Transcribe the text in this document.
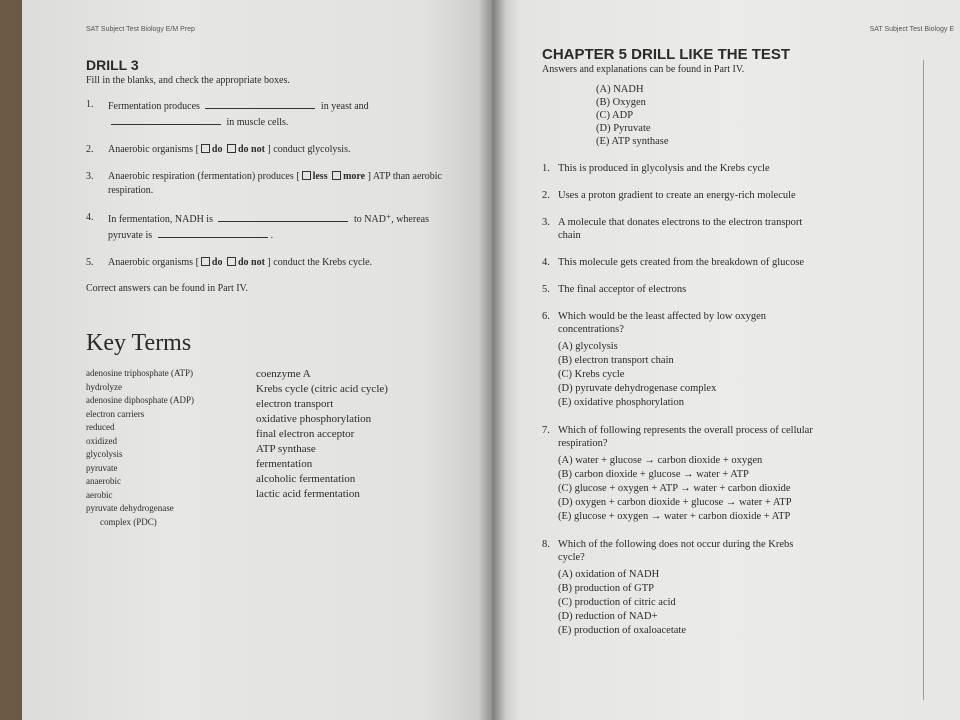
SAT Subject Test Biology E/M Prep
DRILL 3
Fill in the blanks, and check the appropriate boxes.
1.	Fermentation produces	in yeast and
in muscle cells.
2.	Anaerobic organisms [ do do not ] conduct glycolysis.
3.	Anaerobic respiration (fermentation) produces [ less more ] ATP than aerobic respiration.
4.	In fermentation, NADH is	to NAD⁺, whereas
pyruvate is	.
5.	Anaerobic organisms [ do do not ] conduct the Krebs cycle.
Correct answers can be found in Part IV.
Key Terms
adenosine triphosphate (ATP)
hydrolyze
adenosine diphosphate (ADP)
electron carriers
reduced
oxidized
glycolysis
pyruvate
anaerobic
aerobic
pyruvate dehydrogenase
complex (PDC)
coenzyme A
Krebs cycle (citric acid cycle)
electron transport
oxidative phosphorylation
final electron acceptor
ATP synthase
fermentation
alcoholic fermentation
lactic acid fermentation
SAT Subject Test Biology E
CHAPTER 5 DRILL LIKE THE TEST
Answers and explanations can be found in Part IV.
(A) NADH
(B) Oxygen
(C) ADP
(D) Pyruvate
(E) ATP synthase
1. This is produced in glycolysis and the Krebs cycle
2. Uses a proton gradient to create an energy-rich molecule
3. A molecule that donates electrons to the electron transport chain
4. This molecule gets created from the breakdown of glucose
5. The final acceptor of electrons
6. Which would be the least affected by low oxygen concentrations?
(A) glycolysis
(B) electron transport chain
(C) Krebs cycle
(D) pyruvate dehydrogenase complex
(E) oxidative phosphorylation
7. Which of following represents the overall process of cellular respiration?
(A) water + glucose → carbon dioxide + oxygen
(B) carbon dioxide + glucose → water + ATP
(C) glucose + oxygen + ATP → water + carbon dioxide
(D) oxygen + carbon dioxide + glucose → water + ATP
(E) glucose + oxygen → water + carbon dioxide + ATP
8. Which of the following does not occur during the Krebs cycle?
(A) oxidation of NADH
(B) production of GTP
(C) production of citric acid
(D) reduction of NAD+
(E) production of oxaloacetate
